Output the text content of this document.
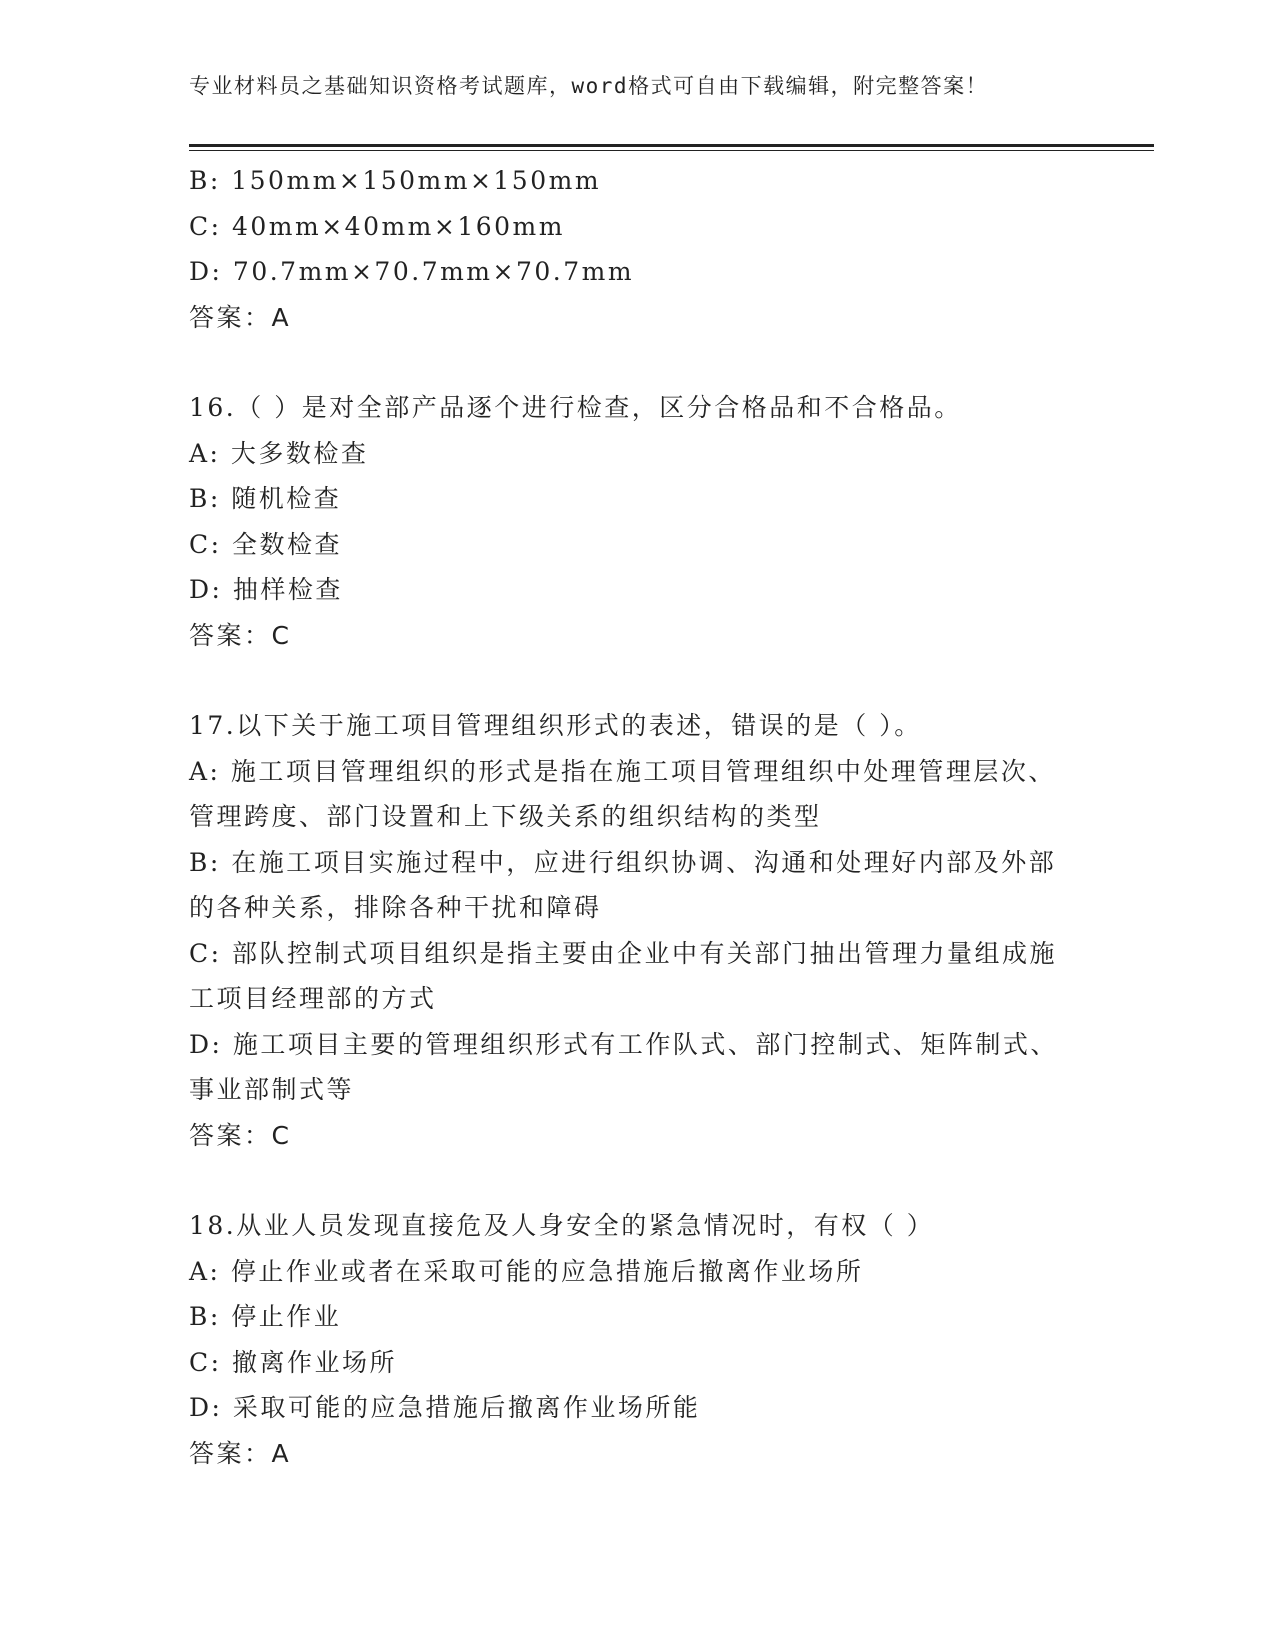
专业材料员之基础知识资格考试题库，word格式可自由下载编辑，附完整答案！
B: 150mm×150mm×150mm
C: 40mm×40mm×160mm
D: 70.7mm×70.7mm×70.7mm
答案：A
16.（ ）是对全部产品逐个进行检查，区分合格品和不合格品。
A: 大多数检查
B: 随机检查
C: 全数检查
D: 抽样检查
答案：C
17.以下关于施工项目管理组织形式的表述，错误的是（ ）。
A: 施工项目管理组织的形式是指在施工项目管理组织中处理管理层次、管理跨度、部门设置和上下级关系的组织结构的类型
B: 在施工项目实施过程中，应进行组织协调、沟通和处理好内部及外部的各种关系，排除各种干扰和障碍
C: 部队控制式项目组织是指主要由企业中有关部门抽出管理力量组成施工项目经理部的方式
D: 施工项目主要的管理组织形式有工作队式、部门控制式、矩阵制式、事业部制式等
答案：C
18.从业人员发现直接危及人身安全的紧急情况时，有权（ ）
A: 停止作业或者在采取可能的应急措施后撤离作业场所
B: 停止作业
C: 撤离作业场所
D: 采取可能的应急措施后撤离作业场所能
答案：A
